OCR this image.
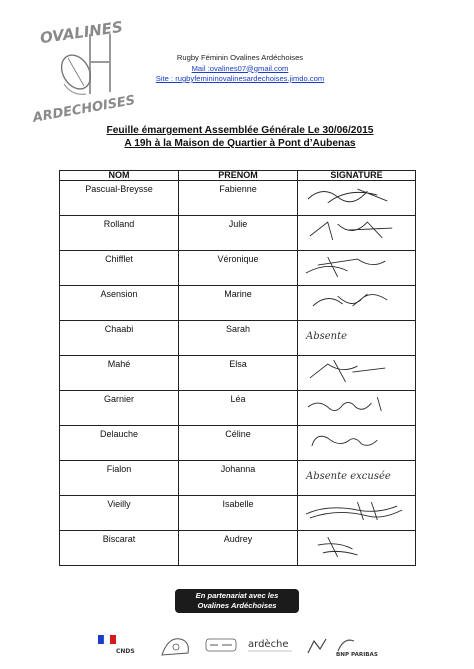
OVALINES
ARDECHOISES
Rugby Féminin Ovalines Ardéchoises
Mail :ovalines07@gmail.com
Site : rugbyfemininovalinesardechoises.jimdo.com
Feuille émargement Assemblée Générale Le 30/06/2015
A 19h à la Maison de Quartier à Pont d’Aubenas
NOM	PRENOM	SIGNATURE
Pascual-Breysse	Fabienne	

Rolland	Julie	

Chifflet	Véronique	

Asension	Marine	

Chaabi	Sarah	Absente

Mahé	Elsa	

Garnier	Léa	

Delauche	Céline	

Fialon	Johanna	Absente excusée

Vieilly	Isabelle	

Biscarat	Audrey	
En partenariat avec les
Ovalines Ardéchoises
CNDS
ardèche
BNP PARIBAS
